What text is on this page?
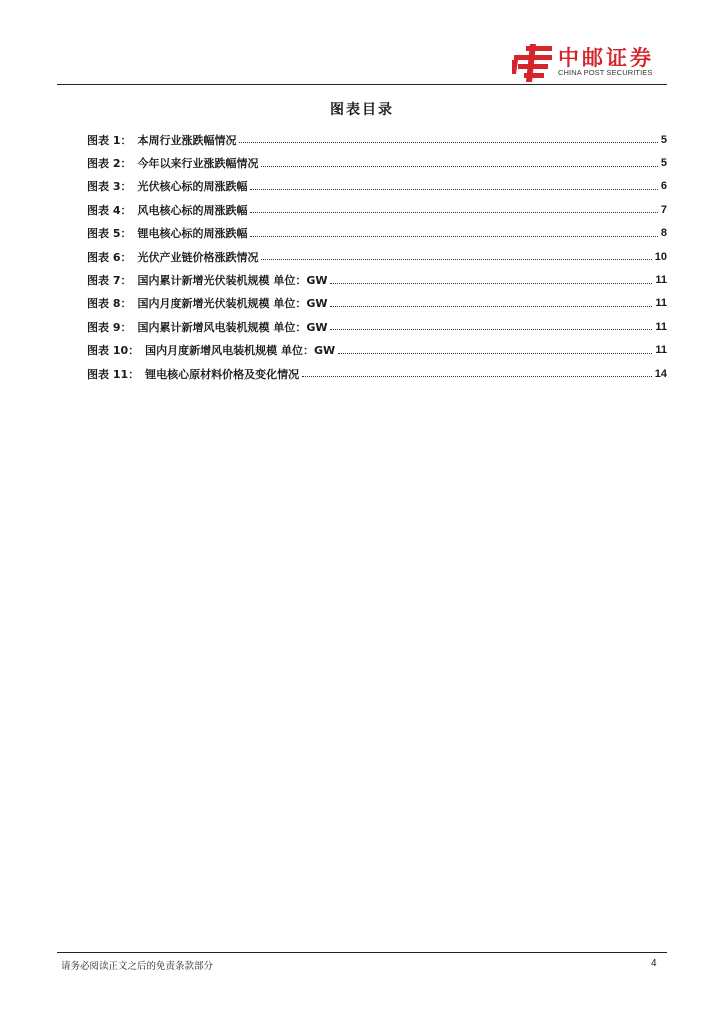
中邮证券
CHINA POST SECURITIES
图表目录
图表 1： 本周行业涨跌幅情况	5
图表 2： 今年以来行业涨跌幅情况	5
图表 3： 光伏核心标的周涨跌幅	6
图表 4： 风电核心标的周涨跌幅	7
图表 5： 锂电核心标的周涨跌幅	8
图表 6： 光伏产业链价格涨跌情况	10
图表 7： 国内累计新增光伏装机规模 单位：GW	11
图表 8： 国内月度新增光伏装机规模 单位：GW	11
图表 9： 国内累计新增风电装机规模 单位：GW	11
图表 10： 国内月度新增风电装机规模 单位：GW	11
图表 11： 锂电核心原材料价格及变化情况	14
请务必阅读正文之后的免责条款部分	4
